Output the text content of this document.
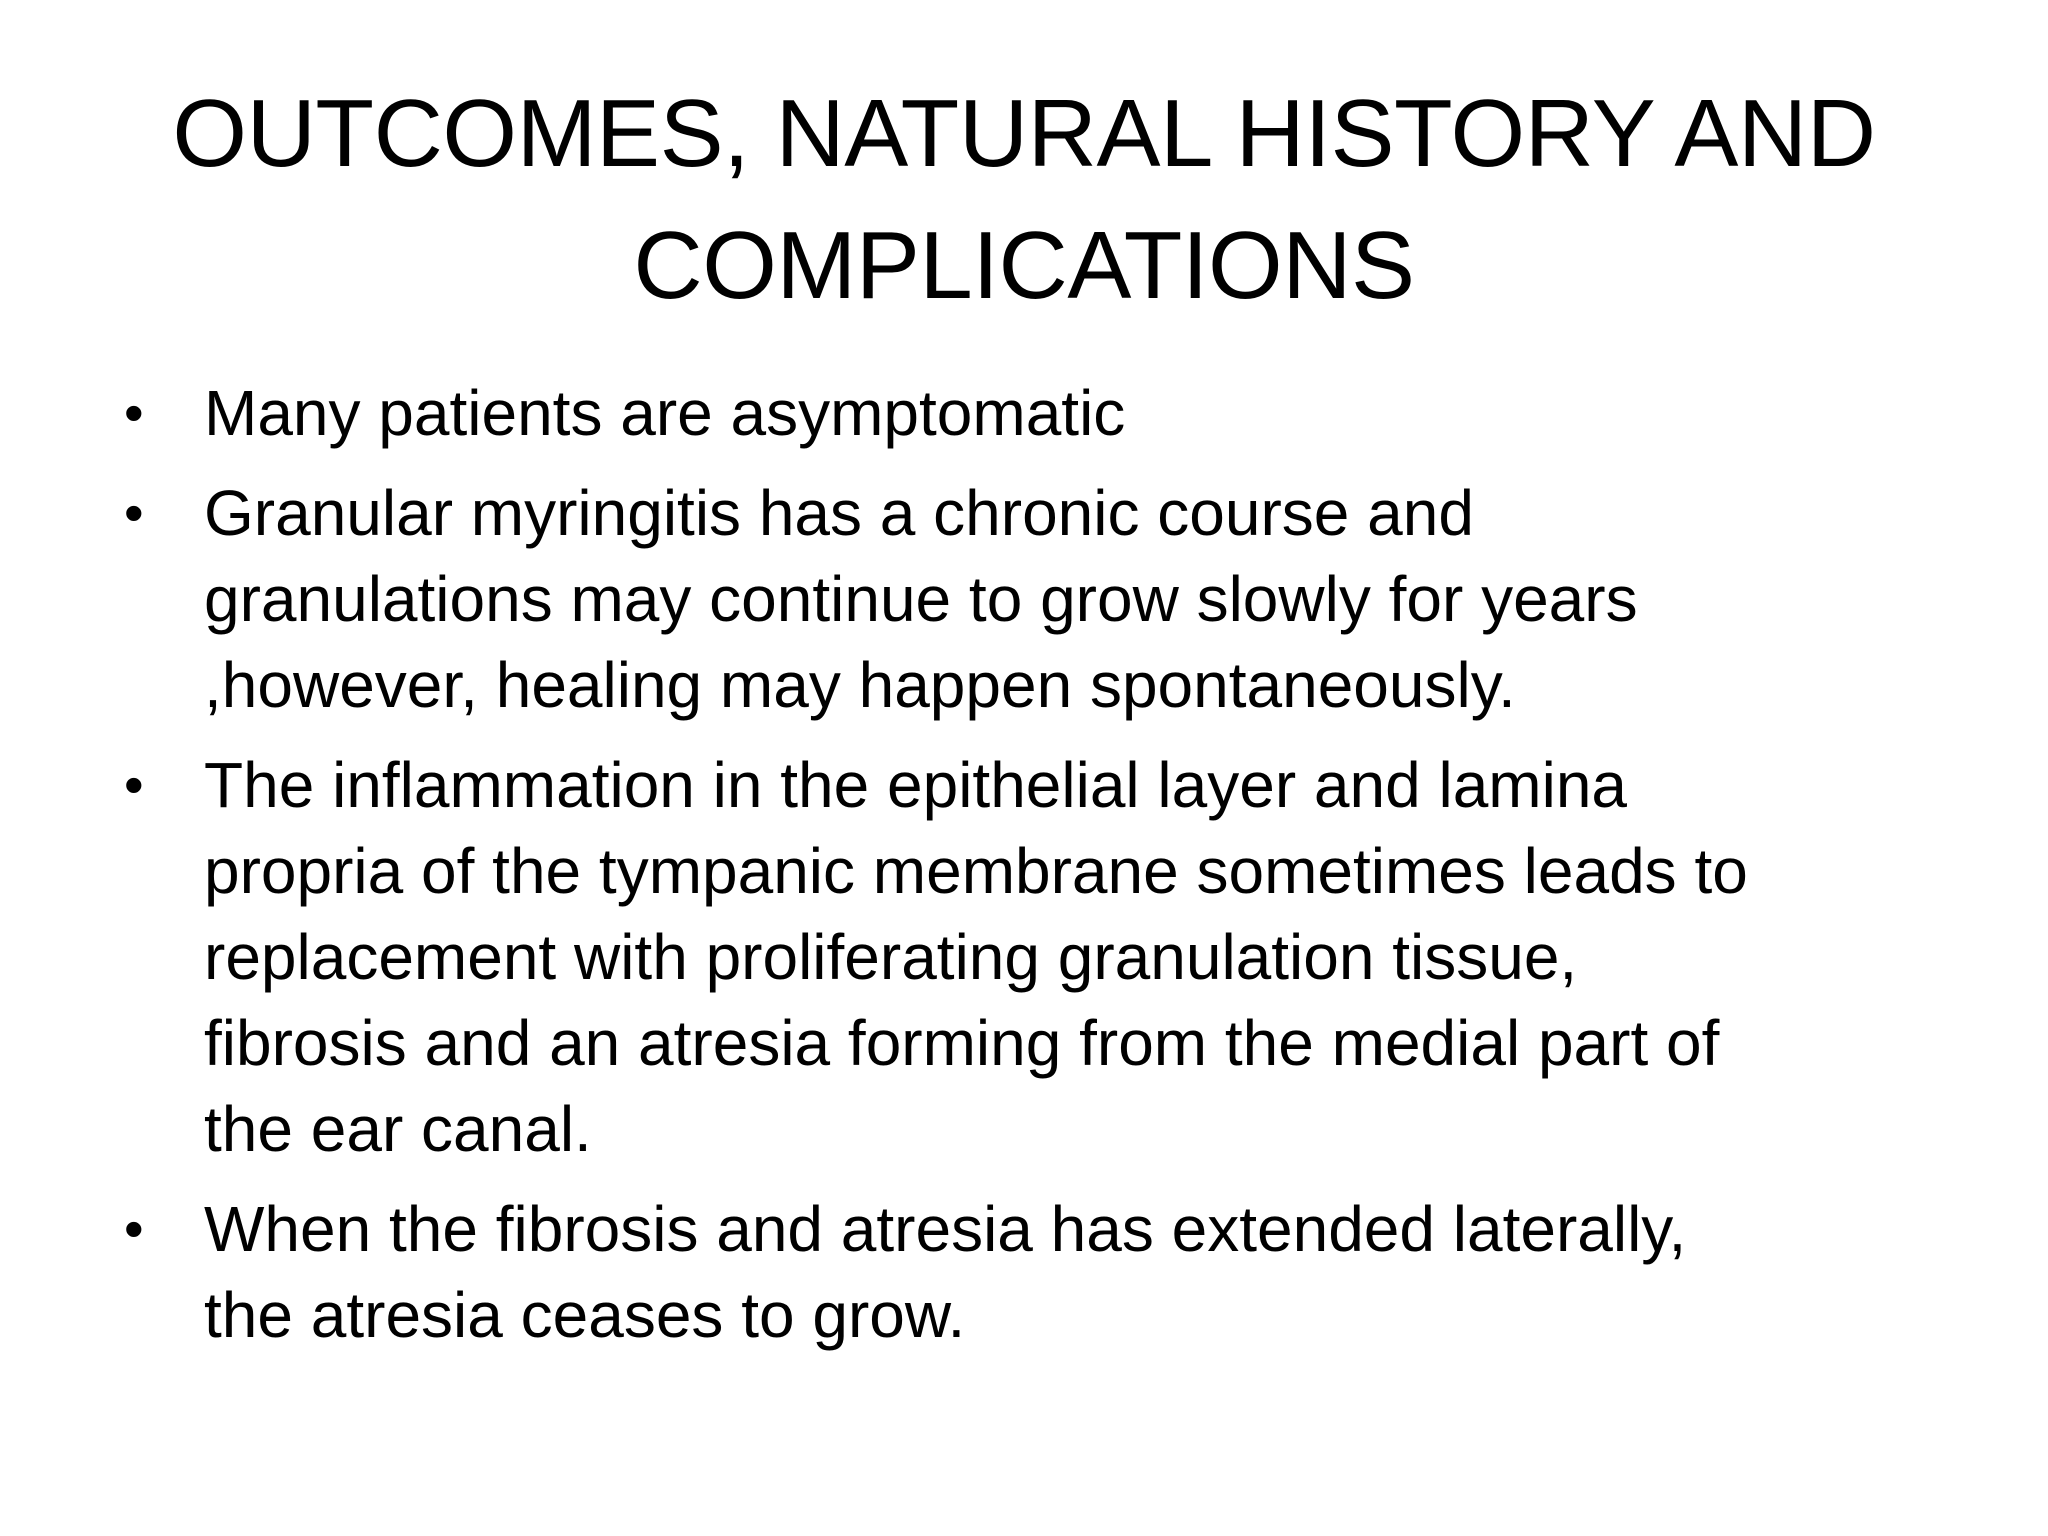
OUTCOMES, NATURAL HISTORY AND
COMPLICATIONS
• Many patients are asymptomatic
• Granular myringitis has a chronic course and
granulations may continue to grow slowly for years
,however, healing may happen spontaneously.
• The inflammation in the epithelial layer and lamina
propria of the tympanic membrane sometimes leads to
replacement with proliferating granulation tissue,
fibrosis and an atresia forming from the medial part of
the ear canal.
• When the fibrosis and atresia has extended laterally,
the atresia ceases to grow.
